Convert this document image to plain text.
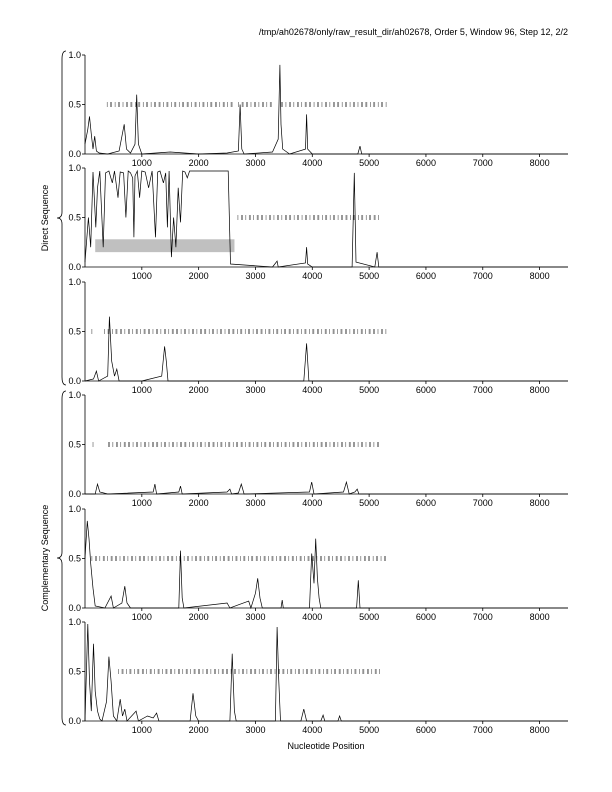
/tmp/ah02678/only/raw_result_dir/ah02678, Order 5, Window 96, Step 12, 2/2
0.0
0.5
1.0
1000	2000	3000	4000	5000	6000	7000	8000
0.0
0.5
1.0
1000	2000	3000	4000	5000	6000	7000	8000
0.0
0.5
1.0
1000	2000	3000	4000	5000	6000	7000	8000
0.0
0.5
1.0
1000	2000	3000	4000	5000	6000	7000	8000
0.0
0.5
1.0
1000	2000	3000	4000	5000	6000	7000	8000
0.0
0.5
1.0
1000	2000	3000	4000	5000	6000	7000	8000
Direct Sequence
Complementary Sequence
Nucleotide Position
